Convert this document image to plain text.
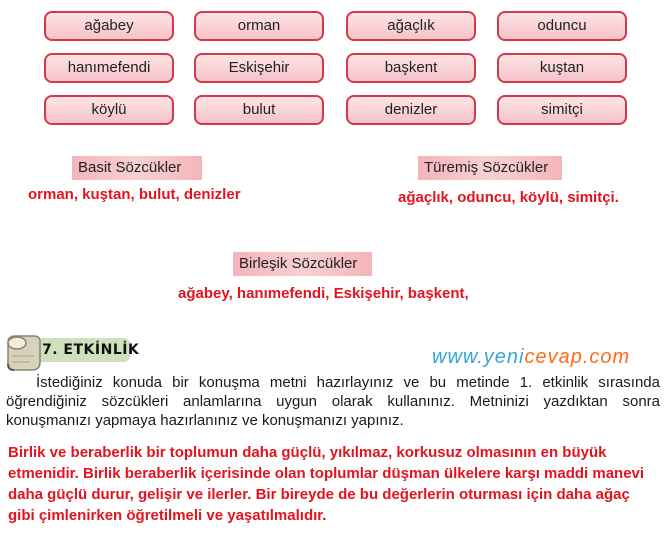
ağabey	orman	ağaçlık	oduncu
hanımefendi	Eskişehir	başkent	kuştan
köylü	bulut	denizler	simitçi
Basit Sözcükler
orman, kuştan, bulut, denizler
Türemiş Sözcükler
ağaçlık, oduncu, köylü, simitçi.
Birleşik Sözcükler
ağabey, hanımefendi, Eskişehir, başkent,
7. ETKİNLİK	www.yenicevap.com
İstediğiniz konuda bir konuşma metni hazırlayınız ve bu metinde 1. etkinlik sırasında öğrendiğiniz sözcükleri anlamlarına uygun olarak kullanınız. Metninizi yazdıktan sonra konuşmanızı yapmaya hazırlanınız ve konuşmanızı yapınız.
Birlik ve beraberlik bir toplumun daha güçlü, yıkılmaz, korkusuz olmasının en büyük etmenidir. Birlik beraberlik içerisinde olan toplumlar düşman ülkelere karşı maddi manevi daha güçlü durur, gelişir ve ilerler. Bir bireyde de bu değerlerin oturması için daha ağaç gibi çimlenirken öğretilmeli ve yaşatılmalıdır.
